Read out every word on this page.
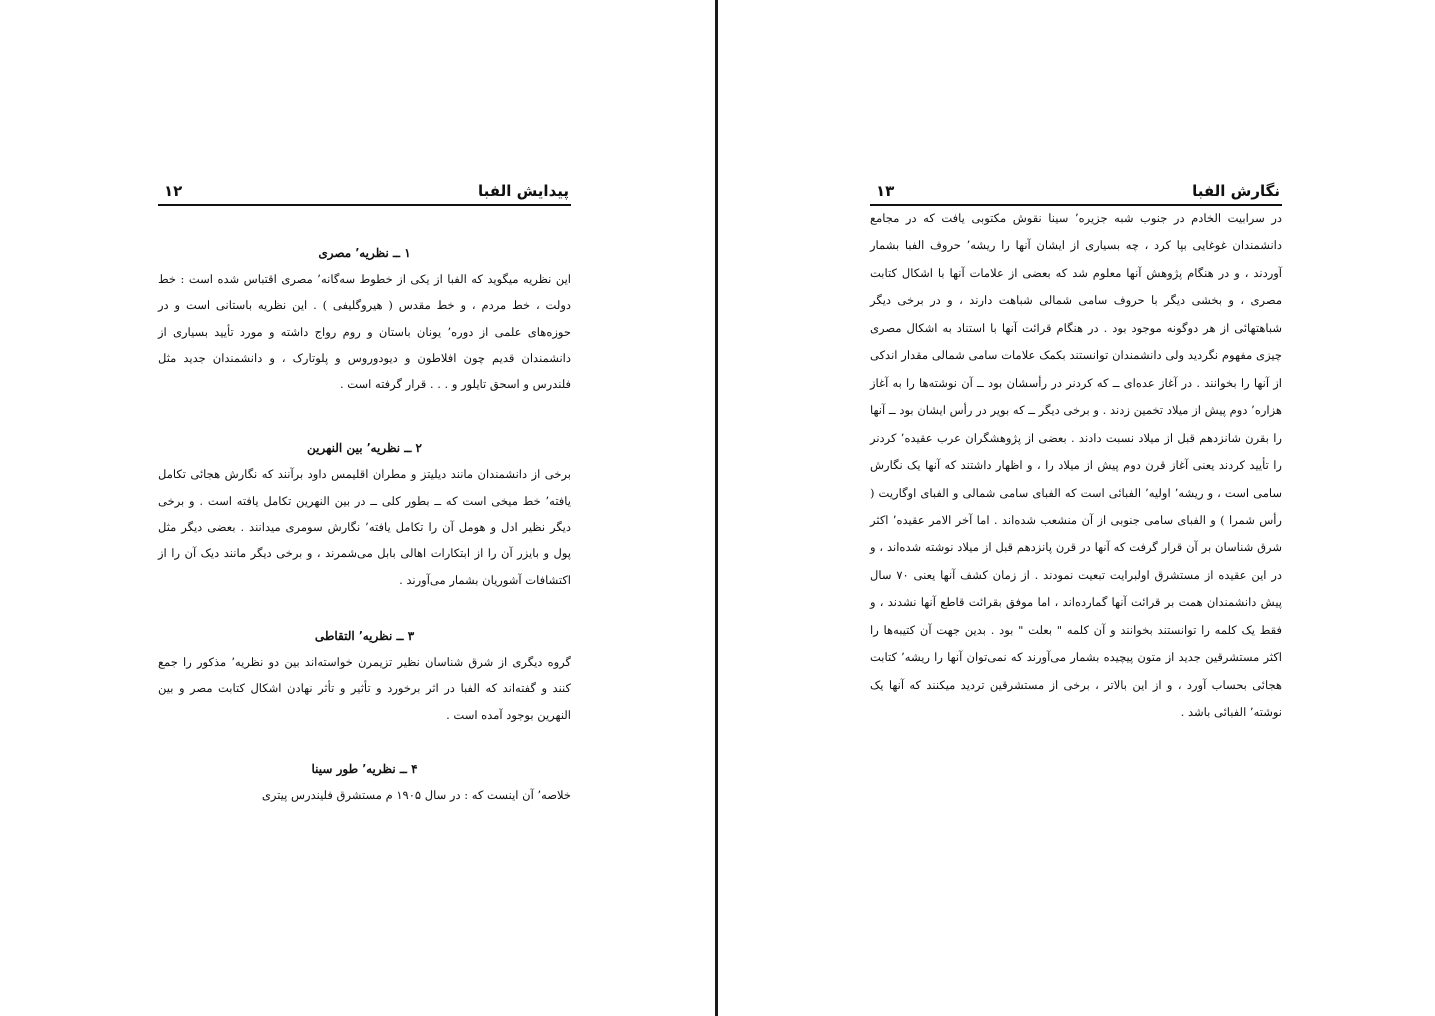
پیدایش الفبا
۱۲
۱ ــ نظریه٬ مصری

این نظریه میگوید که الفبا از یکی از خطوط سه‌گانه٬ مصری اقتباس شده است : خط دولت ، خط مردم ، و خط مقدس ( هیروگلیفی ) . این نظریه باستانی است و در حوزه‌های علمی از دوره٬ یونان باستان و روم رواج داشته و مورد تأیید بسیاری از دانشمندان قدیم چون افلاطون و دیودوروس و پلوتارک ، و دانشمندان جدید مثل فلندرس و اسحق تایلور و . . . قرار گرفته است .

۲ ــ نظریه٬ بین النهرین

برخی از دانشمندان مانند دیلیتز و مطران اقلیمس داود برآنند که نگارش هجائی تکامل یافته٬ خط میخی است که ــ بطور کلی ــ در بین النهرین تکامل یافته است . و برخی دیگر نظیر ادل و هومل آن را تکامل یافته٬ نگارش سومری میدانند . بعضی دیگر مثل پول و بایزر آن را از ابتکارات اهالی بابل می‌شمرند ، و برخی دیگر مانند دیک آن را از اکتشافات آشوریان بشمار می‌آورند .

۳ ــ نظریه٬ التقاطی

گروه دیگری از شرق شناسان نظیر تزیمرن خواسته‌اند بین دو نظریه٬ مذکور را جمع کنند و گفته‌اند که الفبا در اثر برخورد و تأثیر و تأثر نهادن اشکال کتابت مصر و بین النهرین بوجود آمده است .

۴ ــ نظریه٬ طور سینا

خلاصه٬ آن اینست که : در سال ۱۹۰۵ م مستشرق فلیندرس پیتری

نگارش الفبا
۱۳

در سرابیت الخادم در جنوب شبه جزیره٬ سینا نقوش مکتوبی یافت که در مجامع دانشمندان غوغایی بپا کرد ، چه بسیاری از ایشان آنها را ریشه٬ حروف الفبا بشمار آوردند ، و در هنگام پژوهش آنها معلوم شد که بعضی از علامات آنها با اشکال کتابت مصری ، و بخشی دیگر با حروف سامی شمالی شباهت دارند ، و در برخی دیگر شباهتهائی از هر دوگونه موجود بود . در هنگام قرائت آنها با استناد به اشکال مصری چیزی مفهوم نگردید ولی دانشمندان توانستند بکمک علامات سامی شمالی مقدار اندکی از آنها را بخوانند . در آغاز عده‌ای ــ که کردنر در رأسشان بود ــ آن نوشته‌ها را به آغاز هزاره٬ دوم پیش از میلاد تخمین زدند . و برخی دیگر ــ که بویر در رأس ایشان بود ــ آنها را بقرن شانزدهم قبل از میلاد نسبت دادند . بعضی از پژوهشگران عرب عقیده٬ کردنر را تأیید کردند یعنی آغاز قرن دوم پیش از میلاد را ، و اظهار داشتند که آنها یک نگارش سامی است ، و ریشه٬ اولیه٬ الفبائی است که الفبای سامی شمالی و الفبای اوگاریت ( رأس شمرا ) و الفبای سامی جنوبی از آن منشعب شده‌اند . اما آخر الامر عقیده٬ اکثر شرق شناسان بر آن قرار گرفت که آنها در قرن پانزدهم قبل از میلاد نوشته شده‌اند ، و در این عقیده از مستشرق اولبرایت تبعیت نمودند . از زمان کشف آنها یعنی ۷۰ سال پیش دانشمندان همت بر قرائت آنها گمارده‌اند ، اما موفق بقرائت قاطع آنها نشدند ، و فقط یک کلمه را توانستند بخوانند و آن کلمه " بعلت " بود . بدین جهت آن کتیبه‌ها را اکثر مستشرقین جدید از متون پیچیده بشمار می‌آورند که نمی‌توان آنها را ریشه٬ کتابت هجائی بحساب آورد ، و از این بالاتر ، برخی از مستشرقین تردید میکنند که آنها یک نوشته٬ الفبائی باشد .
